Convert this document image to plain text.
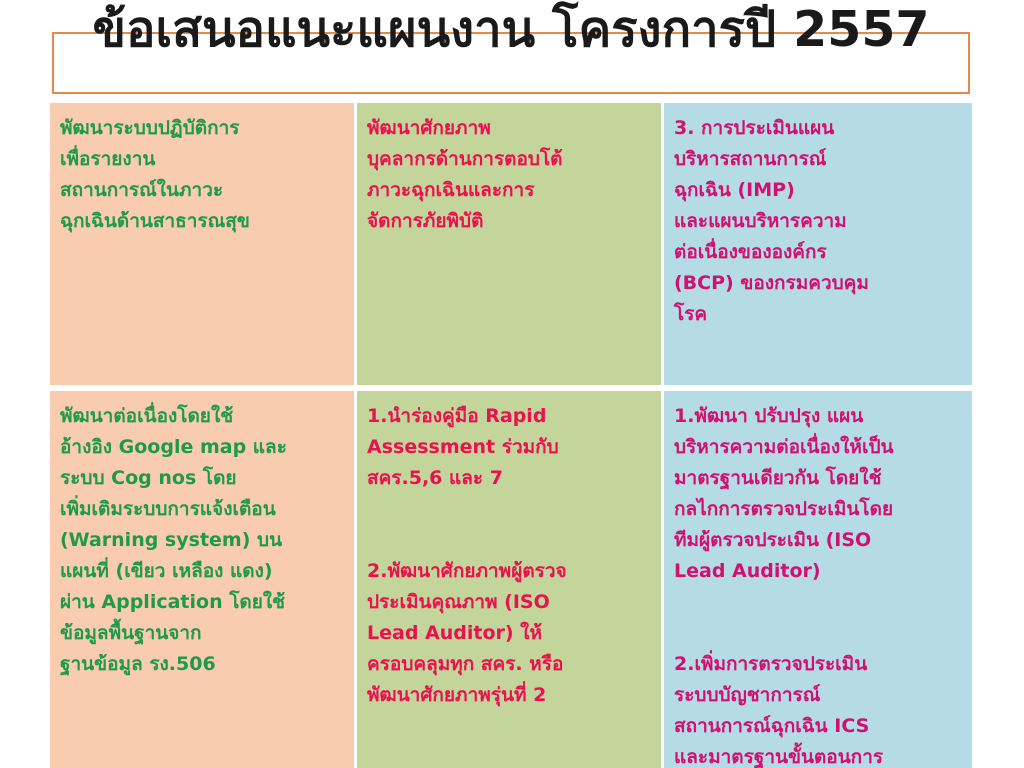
ข้อเสนอแนะแผนงาน โครงการปี 2557

พัฒนาระบบปฏิบัติการ
เพื่อรายงาน
สถานการณ์ในภาวะ
ฉุกเฉินด้านสาธารณสุข

พัฒนาศักยภาพ
บุคลากรด้านการตอบโต้
ภาวะฉุกเฉินและการ
จัดการภัยพิบัติ

3. การประเมินแผน
บริหารสถานการณ์
ฉุกเฉิน (IMP)
และแผนบริหารความ
ต่อเนื่องขององค์กร
(BCP) ของกรมควบคุม
โรค

พัฒนาต่อเนื่องโดยใช้
อ้างอิง Google map และ
ระบบ Cog nos โดย
เพิ่มเติมระบบการแจ้งเตือน
(Warning system) บน
แผนที่ (เขียว เหลือง แดง)
ผ่าน Application โดยใช้
ข้อมูลพื้นฐานจาก
ฐานข้อมูล รง.506

1.นำร่องคู่มือ Rapid
Assessment ร่วมกับ
สคร.5,6 และ 7

2.พัฒนาศักยภาพผู้ตรวจ
ประเมินคุณภาพ (ISO
Lead Auditor) ให้
ครอบคลุมทุก สคร. หรือ
พัฒนาศักยภาพรุ่นที่ 2

1.พัฒนา ปรับปรุง แผน
บริหารความต่อเนื่องให้เป็น
มาตรฐานเดียวกัน โดยใช้
กลไกการตรวจประเมินโดย
ทีมผู้ตรวจประเมิน (ISO
Lead Auditor)

2.เพิ่มการตรวจประเมิน
ระบบบัญชาการณ์
สถานการณ์ฉุกเฉิน ICS
และมาตรฐานขั้นตอนการ
